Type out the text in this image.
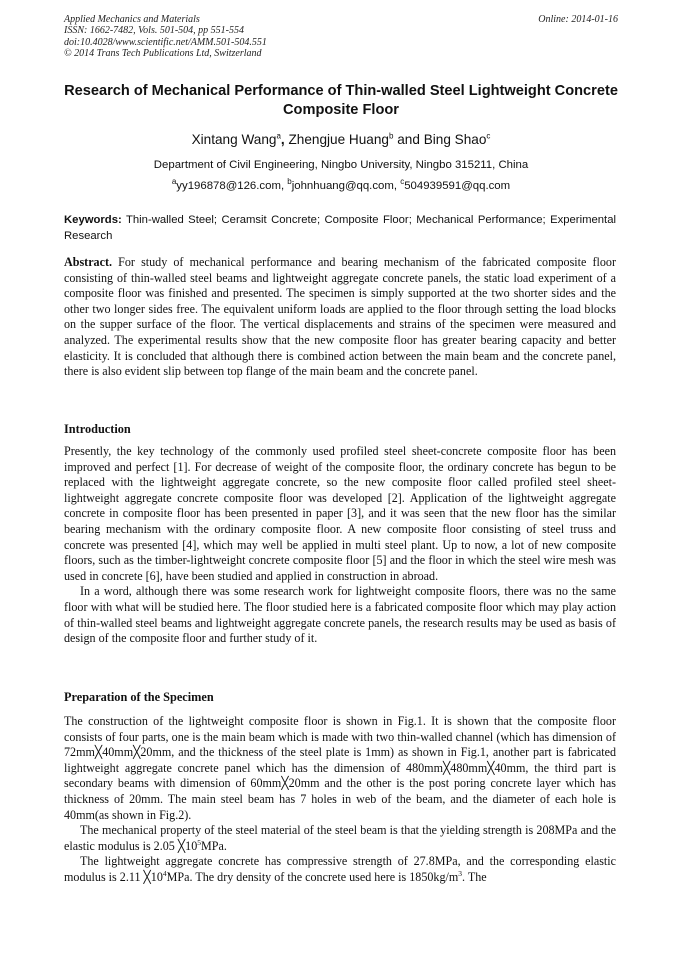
Applied Mechanics and Materials
ISSN: 1662-7482, Vols. 501-504, pp 551-554
doi:10.4028/www.scientific.net/AMM.501-504.551
© 2014 Trans Tech Publications Ltd, Switzerland
Online: 2014-01-16
Research of Mechanical Performance of Thin-walled Steel Lightweight Concrete Composite Floor
Xintang Wang$^a$, Zhengjue Huang$^b$ and Bing Shao$^c$
Department of Civil Engineering, Ningbo University, Ningbo 315211, China
$^a$yy196878@126.com, $^b$johnhuang@qq.com, $^c$504939591@qq.com
Keywords: Thin-walled Steel; Ceramsit Concrete; Composite Floor; Mechanical Performance; Experimental Research
Abstract. For study of mechanical performance and bearing mechanism of the fabricated composite floor consisting of thin-walled steel beams and lightweight aggregate concrete panels, the static load experiment of a composite floor was finished and presented. The specimen is simply supported at the two shorter sides and the other two longer sides free. The equivalent uniform loads are applied to the floor through setting the load blocks on the supper surface of the floor. The vertical displacements and strains of the specimen were measured and analyzed. The experimental results show that the new composite floor has greater bearing capacity and better elasticity. It is concluded that although there is combined action between the main beam and the concrete panel, there is also evident slip between top flange of the main beam and the concrete panel.
Introduction

Presently, the key technology of the commonly used profiled steel sheet-concrete composite floor has been improved and perfect [1]. For decrease of weight of the composite floor, the ordinary concrete has begun to be replaced with the lightweight aggregate concrete, so the new composite floor called profiled steel sheet-lightweight aggregate concrete composite floor was developed [2]. Application of the lightweight aggregate concrete in composite floor has been presented in paper [3], and it was seen that the new floor has the similar bearing mechanism with the ordinary composite floor. A new composite floor consisting of steel truss and concrete was presented [4], which may well be applied in multi steel plant. Up to now, a lot of new composite floors, such as the timber-lightweight concrete composite floor [5] and the floor in which the steel wire mesh was used in concrete [6], have been studied and applied in construction in abroad.

In a word, although there was some research work for lightweight composite floors, there was no the same floor with what will be studied here. The floor studied here is a fabricated composite floor which may play action of thin-walled steel beams and lightweight aggregate concrete panels, the research results may be used as basis of design of the composite floor and further study of it.

Preparation of the Specimen

The construction of the lightweight composite floor is shown in Fig.1. It is shown that the composite floor consists of four parts, one is the main beam which is made with two thin-walled channel (which has dimension of 72mm╳40mm╳20mm, and the thickness of the steel plate is 1mm) as shown in Fig.1, another part is fabricated lightweight aggregate concrete panel which has the dimension of 480mm╳480mm╳40mm, the third part is secondary beams with dimension of 60mm╳20mm and the other is the post poring concrete layer which has thickness of 20mm. The main steel beam has 7 holes in web of the beam, and the diameter of each hole is 40mm(as shown in Fig.2).

The mechanical property of the steel material of the steel beam is that the yielding strength is 208MPa and the elastic modulus is 2.05 $╳10^5MPa$.

The lightweight aggregate concrete has compressive strength of 27.8MPa, and the corresponding elastic modulus is 2.11 $╳10^4MPa$. The dry density of the concrete used here is $1850kg/m^3$. The
